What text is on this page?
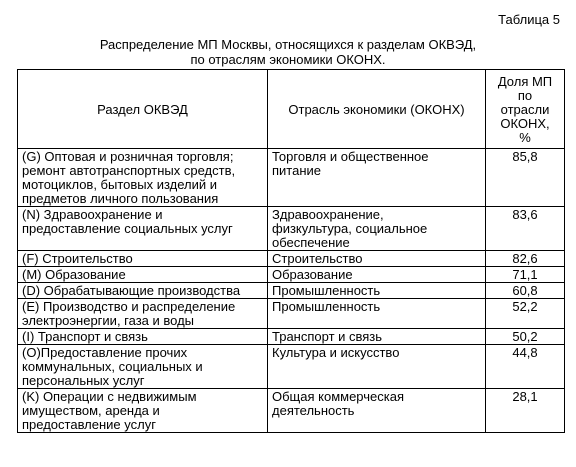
Таблица 5
Распределение МП Москвы, относящихся к разделам ОКВЭД,
по отраслям экономики ОКОНХ.
Раздел ОКВЭД	Отрасль экономики (ОКОНХ)	Доля МП
по
отрасли
ОКОНХ,
%

(G) Оптовая и розничная торговля;
ремонт автотранспортных средств,
мотоциклов, бытовых изделий и
предметов личного пользования	Торговля и общественное
питание	85,8

(N) Здравоохранение и
предоставление социальных услуг	Здравоохранение,
физкультура, социальное
обеспечение	83,6

(F) Строительство	Строительство	82,6

(M) Образование	Образование	71,1

(D) Обрабатывающие производства	Промышленность	60,8

(E) Производство и распределение
электроэнергии, газа и воды	Промышленность	52,2

(I) Транспорт и связь	Транспорт и связь	50,2

(O)Предоставление прочих
коммунальных, социальных и
персональных услуг	Культура и искусство	44,8

(K) Операции с недвижимым
имуществом, аренда и
предоставление услуг	Общая коммерческая
деятельность	28,1
